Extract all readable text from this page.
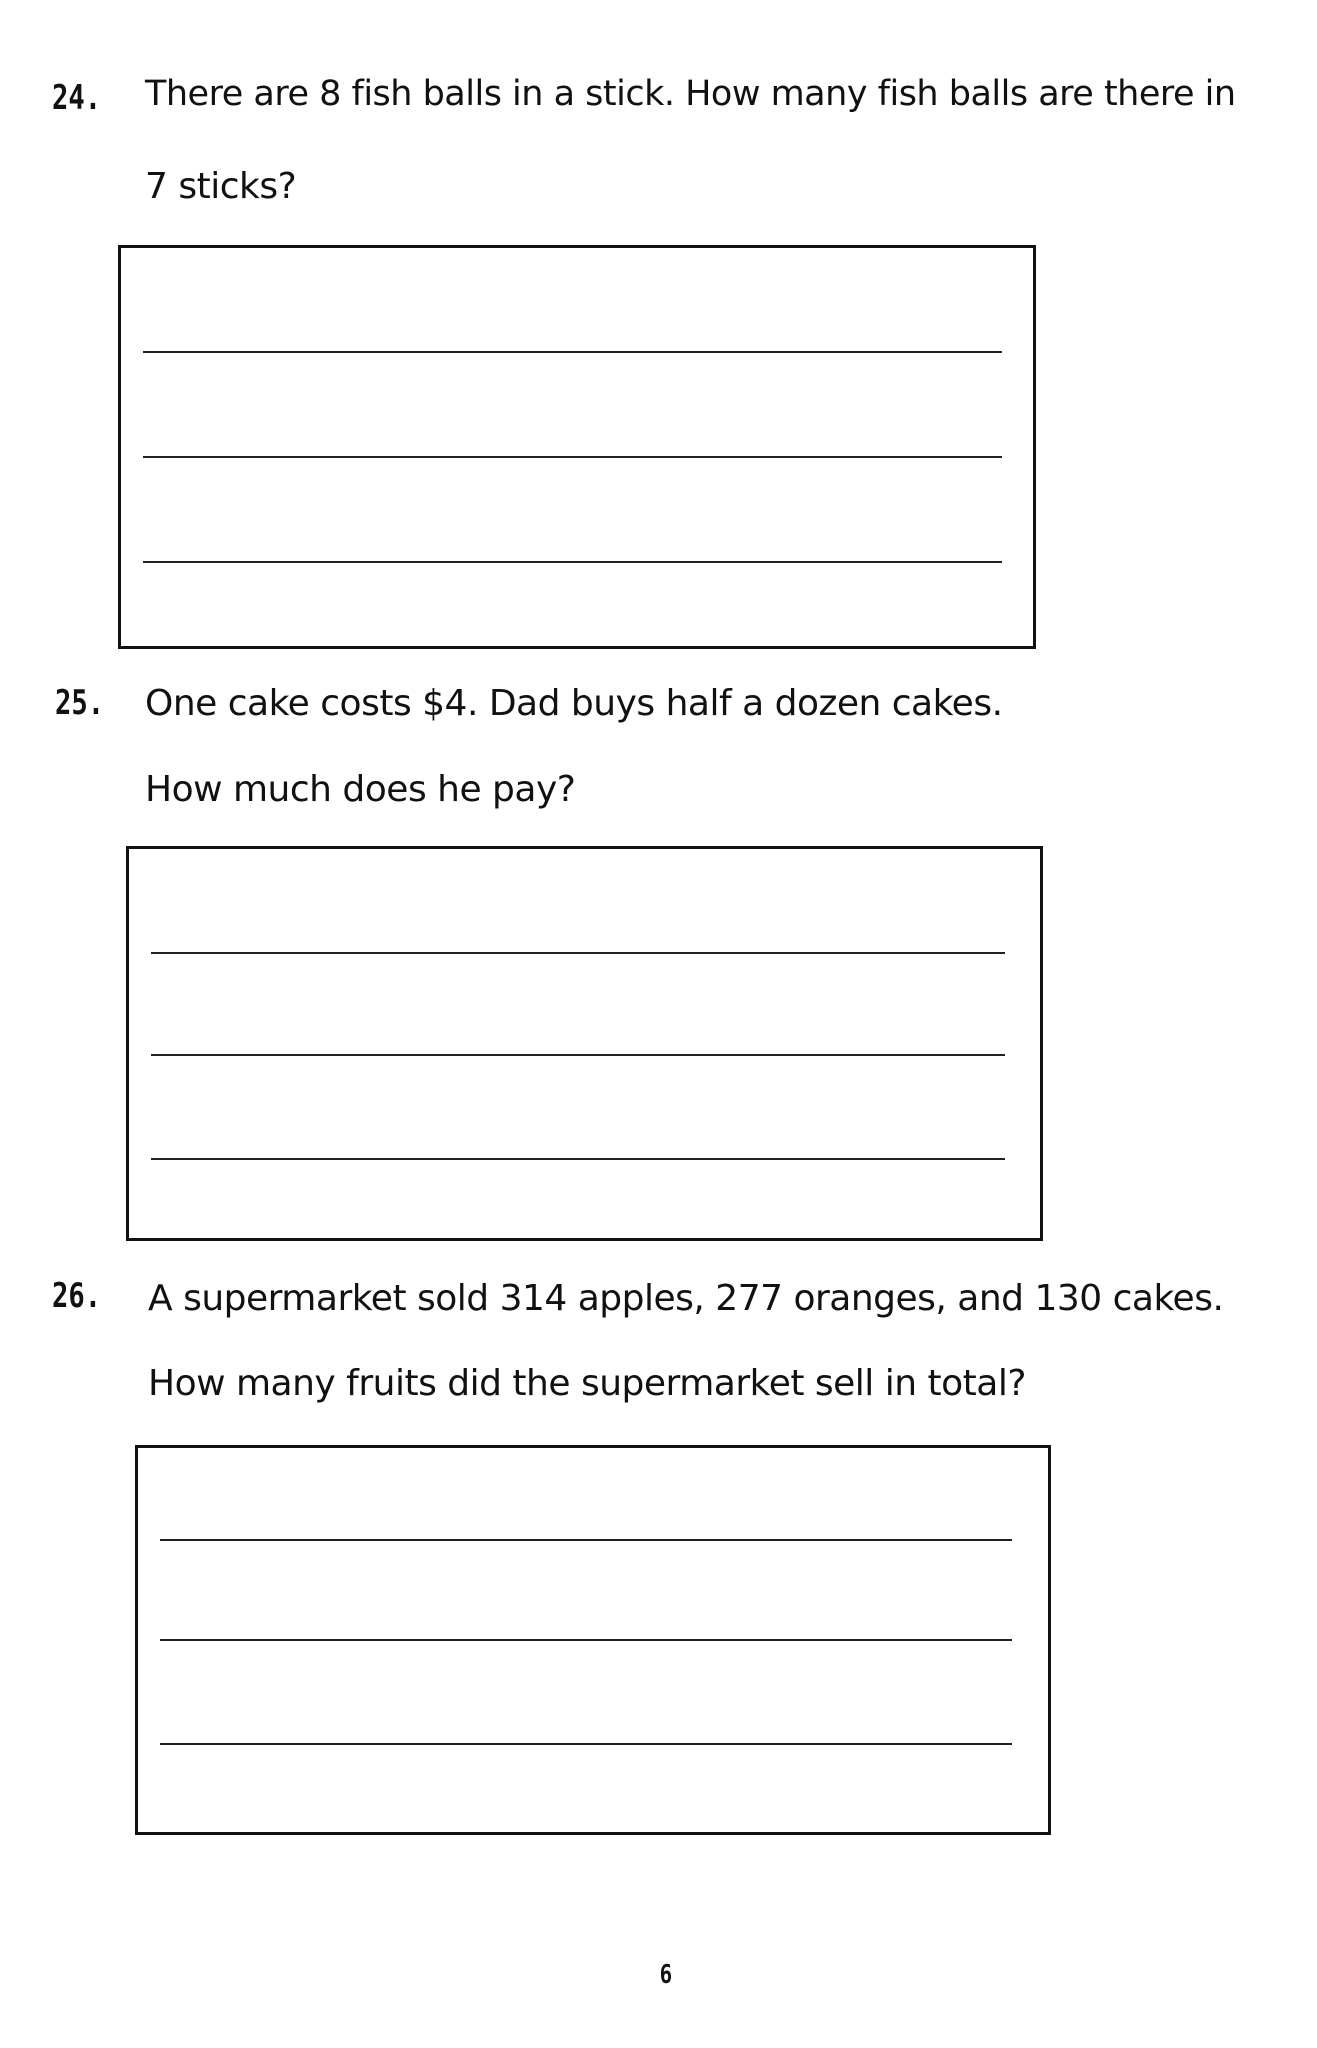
24. There are 8 fish balls in a stick. How many fish balls are there in
7 sticks?
25. One cake costs $4. Dad buys half a dozen cakes.
How much does he pay?
26. A supermarket sold 314 apples, 277 oranges, and 130 cakes.
How many fruits did the supermarket sell in total?
6
